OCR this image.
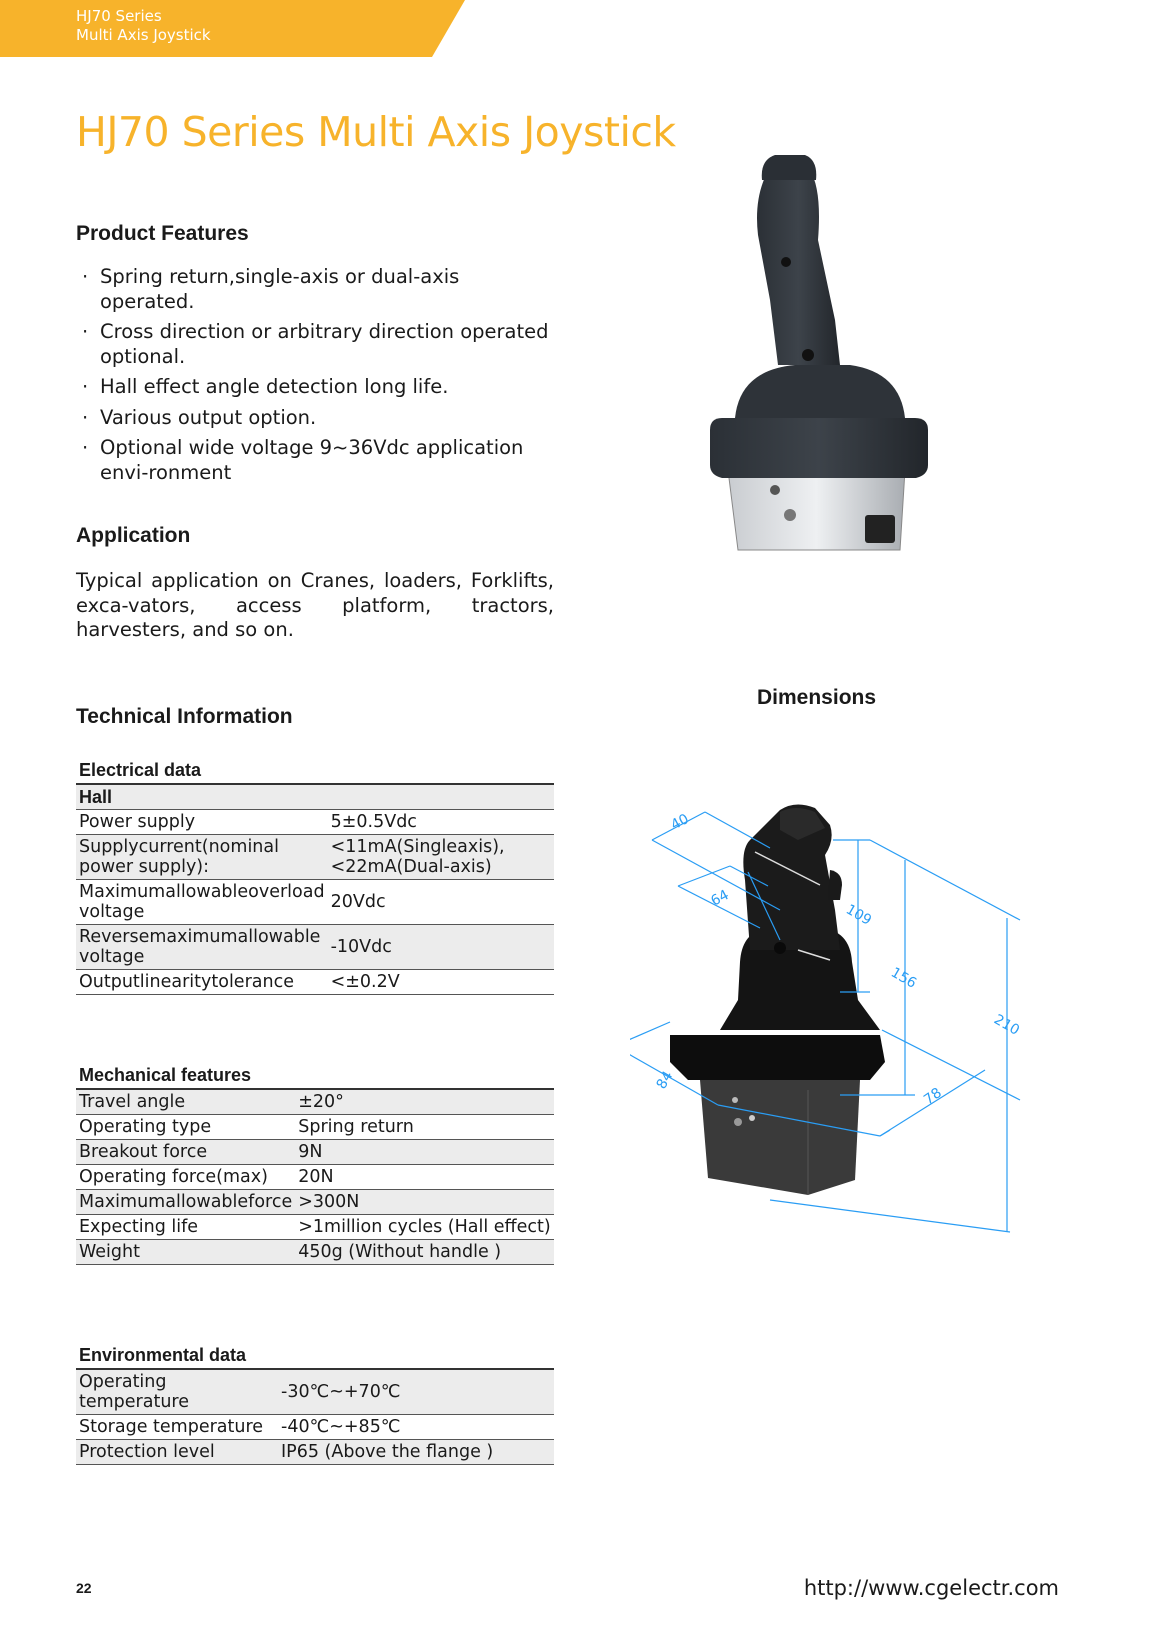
HJ70 Series
Multi Axis Joystick
HJ70 Series Multi Axis Joystick
Product Features
· Spring return,single-axis or dual-axis operated.
· Cross direction or arbitrary direction operated optional.
· Hall effect angle detection long life.
· Various output option.
· Optional wide voltage 9~36Vdc application envi-ronment
Application
Typical application on Cranes, loaders, Forklifts, exca-vators, access platform, tractors, harvesters, and so on.
Technical Information
Electrical data
Hall	
Power supply	5±0.5Vdc
Supplycurrent(nominal power supply):	<11mA(Singleaxis),<22mA(Dual-axis)
Maximumallowableoverload voltage	20Vdc
Reversemaximumallowable voltage	-10Vdc
Outputlinearitytolerance	<±0.2V
Mechanical features
Travel angle	±20°
Operating type	Spring return
Breakout force	9N
Operating force(max)	20N
Maximumallowableforce	>300N
Expecting life	>1million cycles (Hall effect)
Weight	450g (Without handle )
Environmental data
Operating temperature	-30℃~+70℃
Storage temperature	-40℃~+85℃
Protection level	IP65 (Above the flange )
Dimensions
40
64
109
156
210
84
78
22	http://www.cgelectr.com
